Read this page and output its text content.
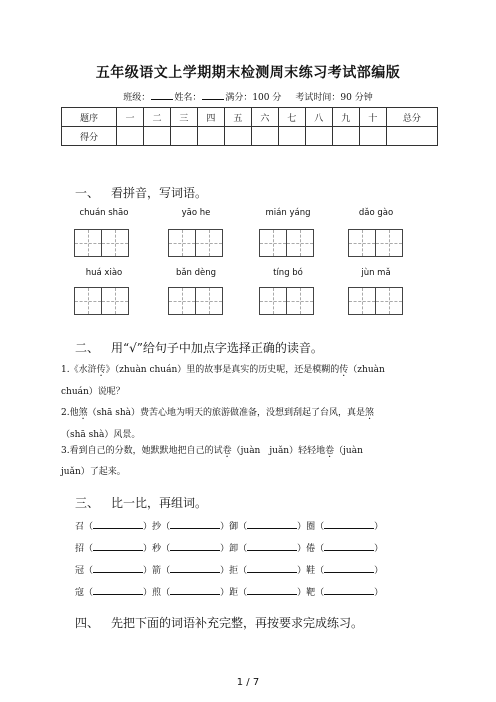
五年级语文上学期期末检测周末练习考试部编版
班级：	姓名：	满分：100 分 考试时间：90 分钟
题序	一	二	三	四	五	六	七	八	九	十	总分
得分											
一、 看拼音，写词语。
chuán shāo	yāo he	mián yáng	dǎo gào
huá xiào	bǎn dèng	tíng bó	jùn mǎ
二、 用“√”给句子中加点字选择正确的读音。
1.《水浒传》（zhuàn chuán）里的故事是真实的历史呢，还是模糊的传（zhuàn
chuán）说呢？
2.他煞（shā shà）费苦心地为明天的旅游做准备，没想到刮起了台风，真是煞
（shā shà）风景。
3.看到自己的分数，她默默地把自己的试卷（juàn　juǎn）轻轻地卷（juàn
juǎn）了起来。
三、 比一比，再组词。
召（	）抄（	）御（	）圈（	）
招（	）秒（	）卸（	）倦（	）
冠（	）箭（	）拒（	）鞋（	）
寇（	）煎（	）距（	）靶（	）
四、 先把下面的词语补充完整，再按要求完成练习。
1 / 7
